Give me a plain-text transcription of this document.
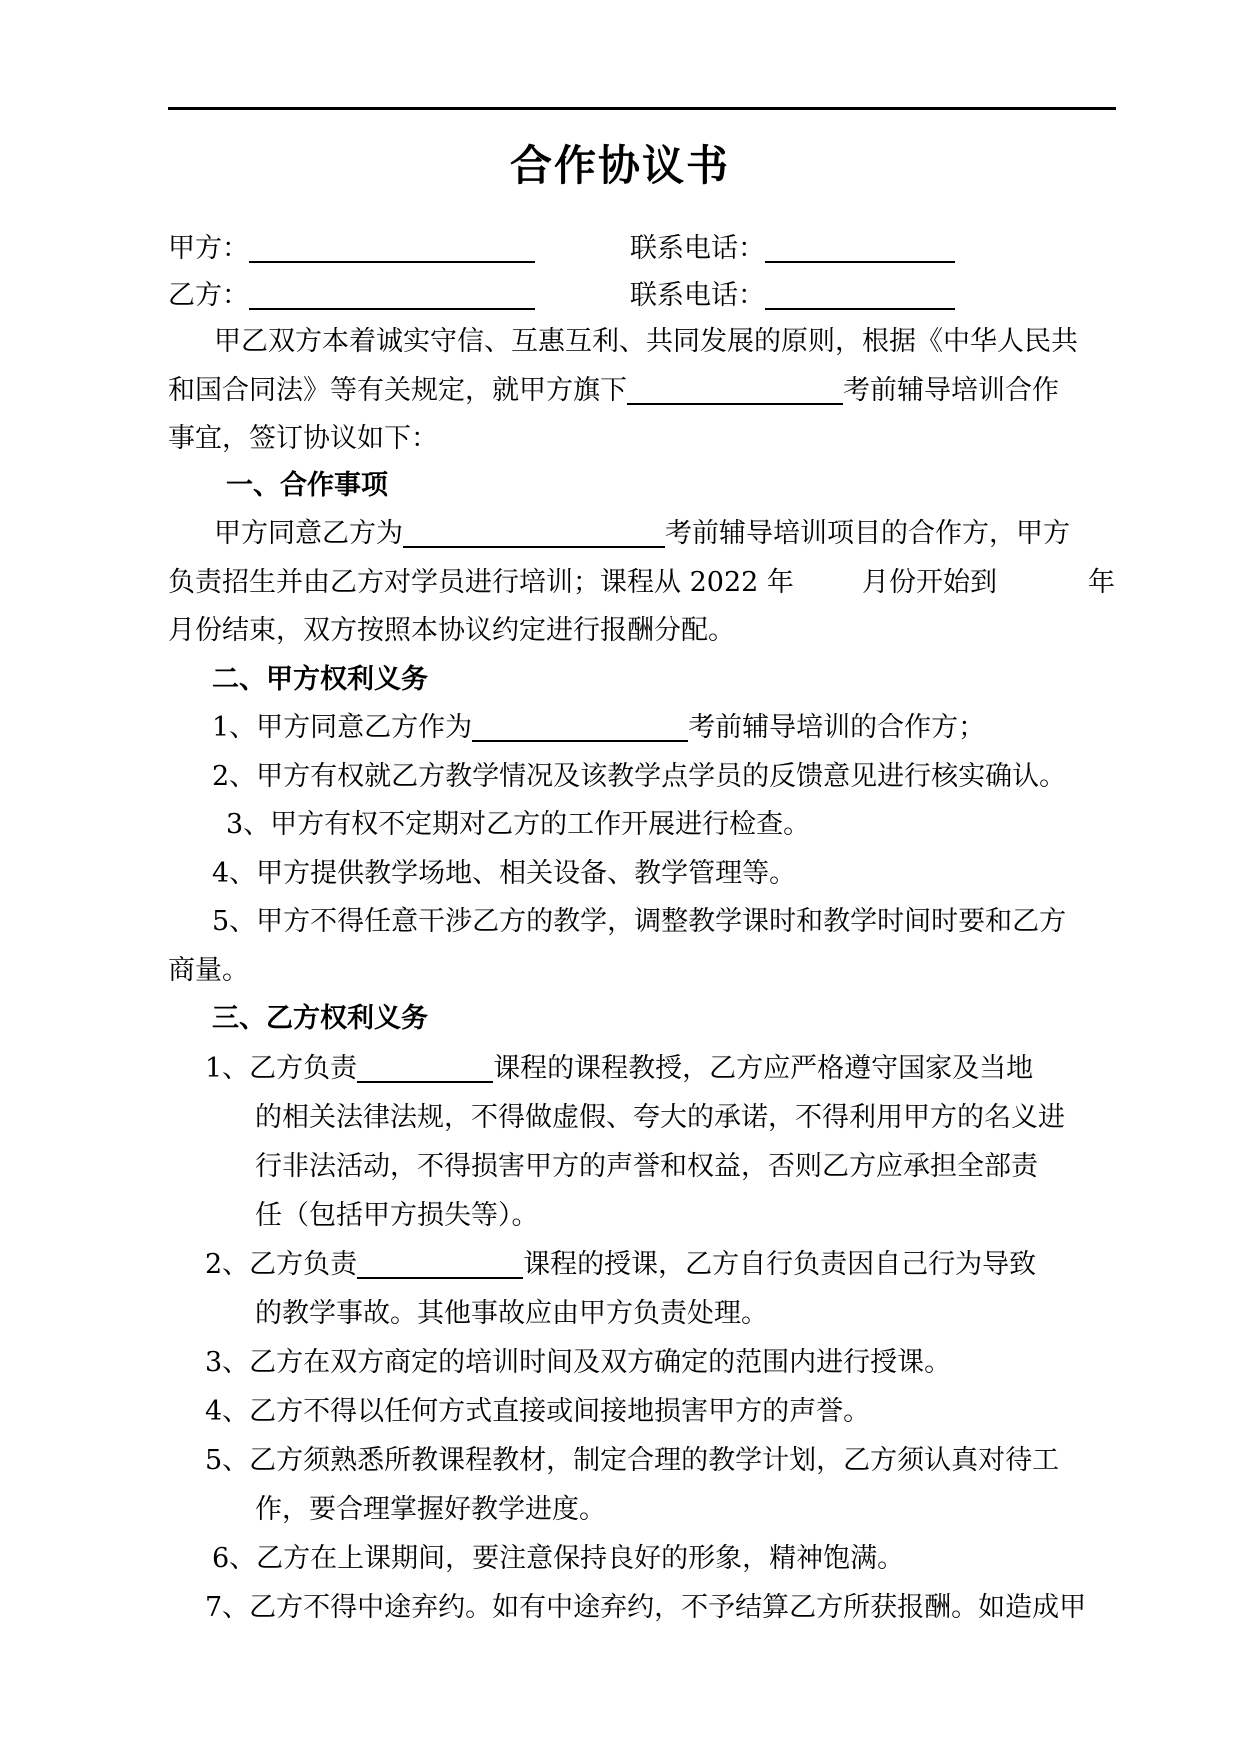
合作协议书
甲方：	联系电话：
乙方：	联系电话：
甲乙双方本着诚实守信、互惠互利、共同发展的原则，根据《中华人民共
和国合同法》等有关规定，就甲方旗下	考前辅导培训合作
事宜，签订协议如下：
一、合作事项
甲方同意乙方为	考前辅导培训项目的合作方，甲方
负责招生并由乙方对学员进行培训；课程从 2022 年	月份开始到	年
月份结束，双方按照本协议约定进行报酬分配。
二、甲方权利义务
1、甲方同意乙方作为	考前辅导培训的合作方；
2、甲方有权就乙方教学情况及该教学点学员的反馈意见进行核实确认。
3、甲方有权不定期对乙方的工作开展进行检查。
4、甲方提供教学场地、相关设备、教学管理等。
5、甲方不得任意干涉乙方的教学，调整教学课时和教学时间时要和乙方
商量。
三、乙方权利义务
1、乙方负责	课程的课程教授，乙方应严格遵守国家及当地
的相关法律法规，不得做虚假、夸大的承诺，不得利用甲方的名义进
行非法活动，不得损害甲方的声誉和权益，否则乙方应承担全部责
任（包括甲方损失等）。
2、乙方负责	课程的授课，乙方自行负责因自己行为导致
的教学事故。其他事故应由甲方负责处理。
3、乙方在双方商定的培训时间及双方确定的范围内进行授课。
4、乙方不得以任何方式直接或间接地损害甲方的声誉。
5、乙方须熟悉所教课程教材，制定合理的教学计划，乙方须认真对待工
作，要合理掌握好教学进度。
6、乙方在上课期间，要注意保持良好的形象，精神饱满。
7、乙方不得中途弃约。如有中途弃约，不予结算乙方所获报酬。如造成甲
